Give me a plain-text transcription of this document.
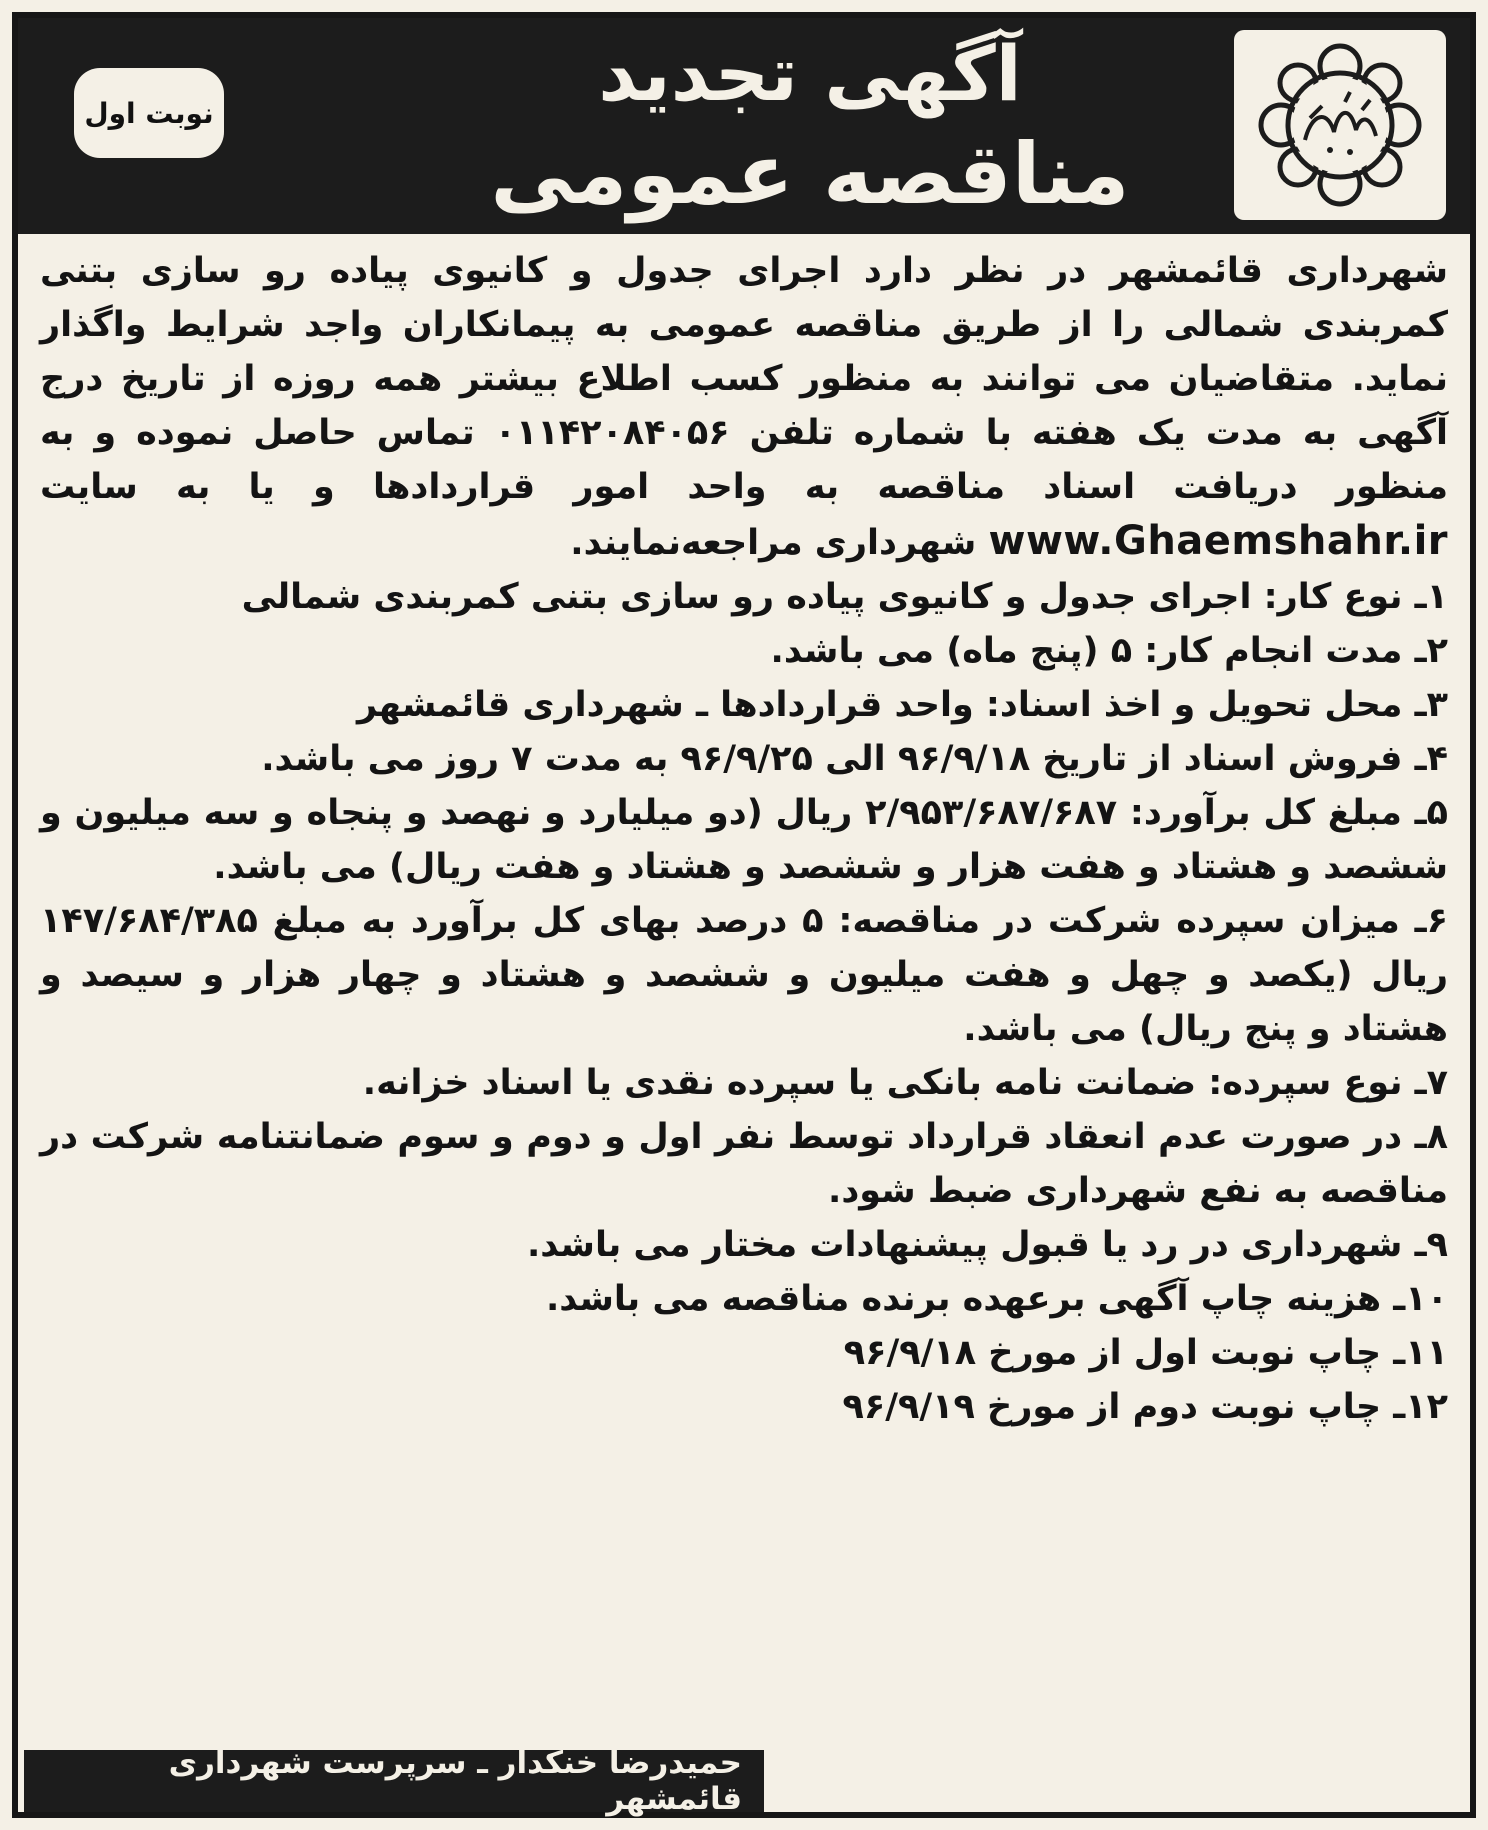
آگهی تجدید
مناقصه عمومی
نوبت اول

شهرداری قائمشهر در نظر دارد اجرای جدول و کانیوی پیاده رو سازی بتنی کمربندی شمالی را از طریق مناقصه عمومی به پیمانکاران واجد شرایط واگذار نماید. متقاضیان می توانند به منظور کسب اطلاع بیشتر همه روزه از تاریخ درج آگهی به مدت یک هفته با شماره تلفن ۰۱۱۴۲۰۸۴۰۵۶ تماس حاصل نموده و به منظور دریافت اسناد مناقصه به واحد امور قراردادها و یا به سایت www.Ghaemshahr.ir شهرداری مراجعه‌نمایند.

۱ـ نوع کار: اجرای جدول و کانیوی پیاده رو سازی بتنی کمربندی شمالی

۲ـ مدت انجام کار: ۵ (پنج ماه) می باشد.

۳ـ محل تحویل و اخذ اسناد: واحد قراردادها ـ شهرداری قائمشهر

۴ـ فروش اسناد از تاریخ ۹۶/۹/۱۸ الی ۹۶/۹/۲۵ به مدت ۷ روز می باشد.

۵ـ مبلغ کل برآورد: ۲/۹۵۳/۶۸۷/۶۸۷ ریال (دو میلیارد و نهصد و پنجاه و سه میلیون و ششصد و هشتاد و هفت هزار و ششصد و هشتاد و هفت ریال) می باشد.

۶ـ میزان سپرده شرکت در مناقصه: ۵ درصد بهای کل برآورد به مبلغ ۱۴۷/۶۸۴/۳۸۵ ریال (یکصد و چهل و هفت میلیون و ششصد و هشتاد و چهار هزار و سیصد و هشتاد و پنج ریال) می باشد.

۷ـ نوع سپرده: ضمانت نامه بانکی یا سپرده نقدی یا اسناد خزانه.

۸ـ در صورت عدم انعقاد قرارداد توسط نفر اول و دوم و سوم ضمانتنامه شرکت در مناقصه به نفع شهرداری ضبط شود.

۹ـ شهرداری در رد یا قبول پیشنهادات مختار می باشد.

۱۰ـ هزینه چاپ آگهی برعهده برنده مناقصه می باشد.

۱۱ـ چاپ نوبت اول از مورخ ۹۶/۹/۱۸

۱۲ـ چاپ نوبت دوم از مورخ ۹۶/۹/۱۹

حمیدرضا خنکدار ـ سرپرست شهرداری قائمشهر
